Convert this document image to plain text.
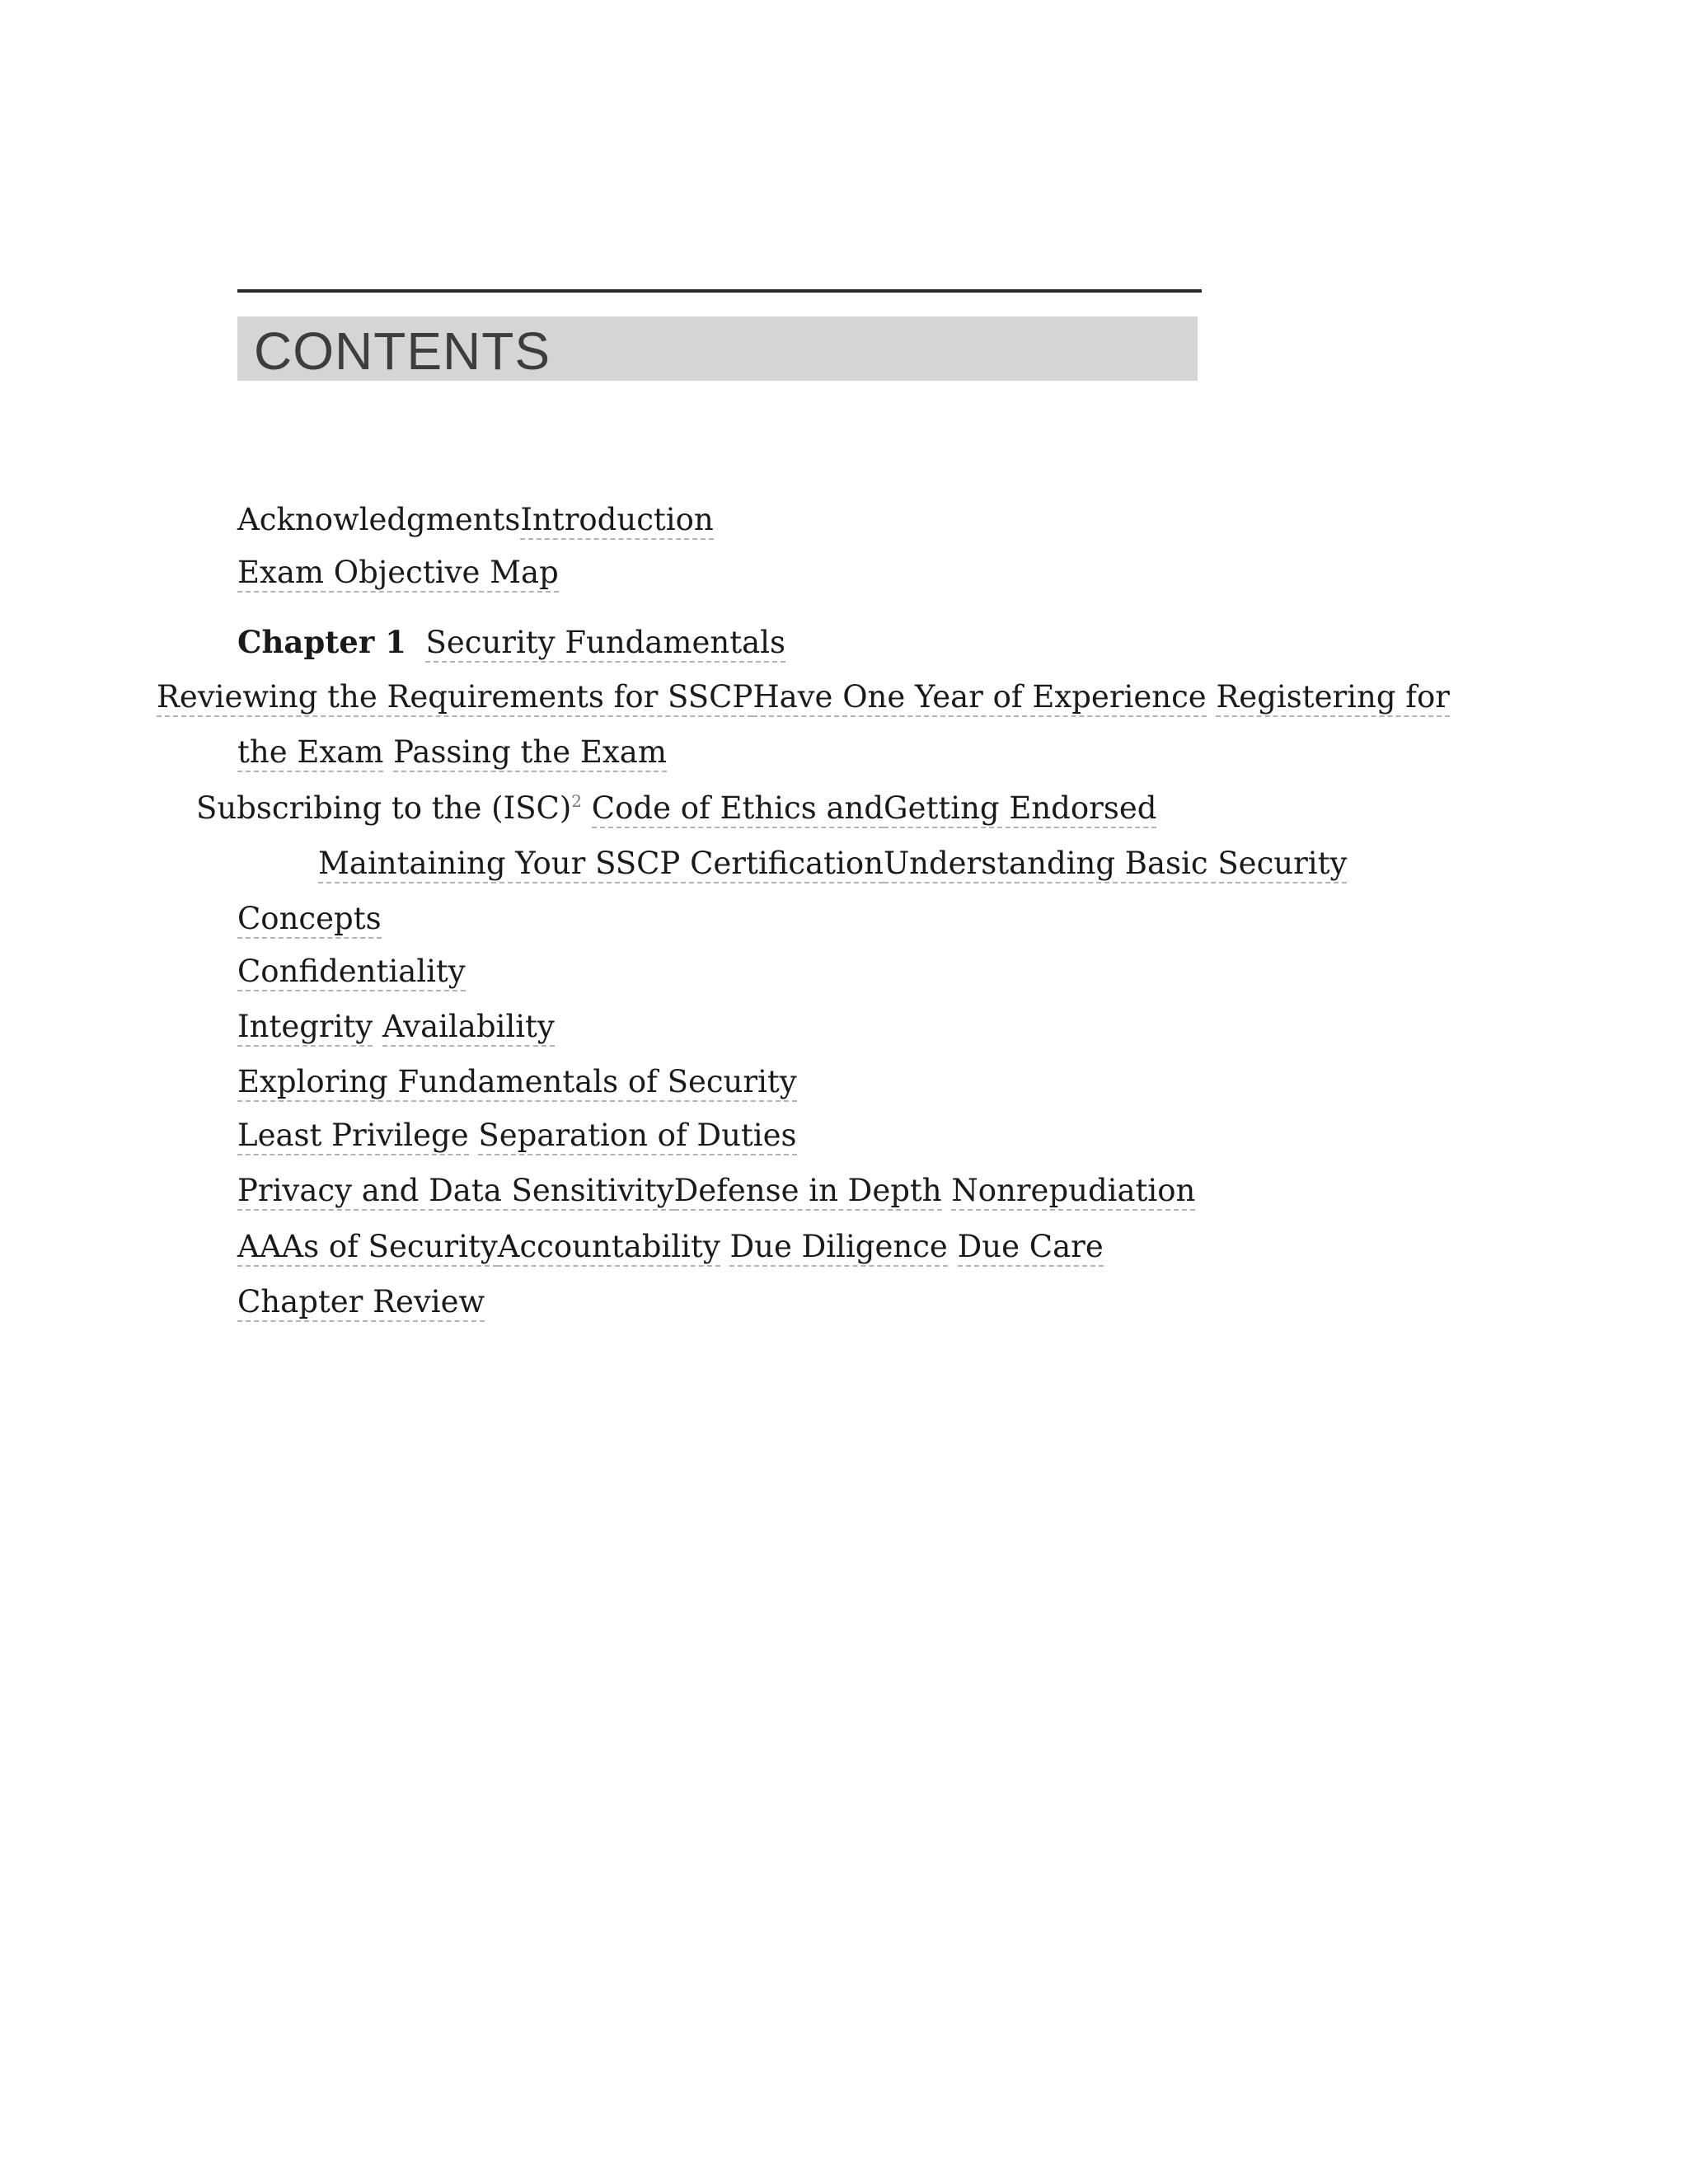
CONTENTS
AcknowledgmentsIntroduction
Exam Objective Map
Chapter 1 Security Fundamentals
Reviewing the Requirements for SSCPHave One Year of Experience Registering for
the Exam Passing the Exam
Subscribing to the (ISC)$^2$ Code of Ethics andGetting Endorsed
Maintaining Your SSCP CertificationUnderstanding Basic Security
Concepts
Confidentiality
Integrity Availability
Exploring Fundamentals of Security
Least Privilege Separation of Duties
Privacy and Data SensitivityDefense in Depth Nonrepudiation
AAAs of SecurityAccountability Due Diligence Due Care
Chapter Review
